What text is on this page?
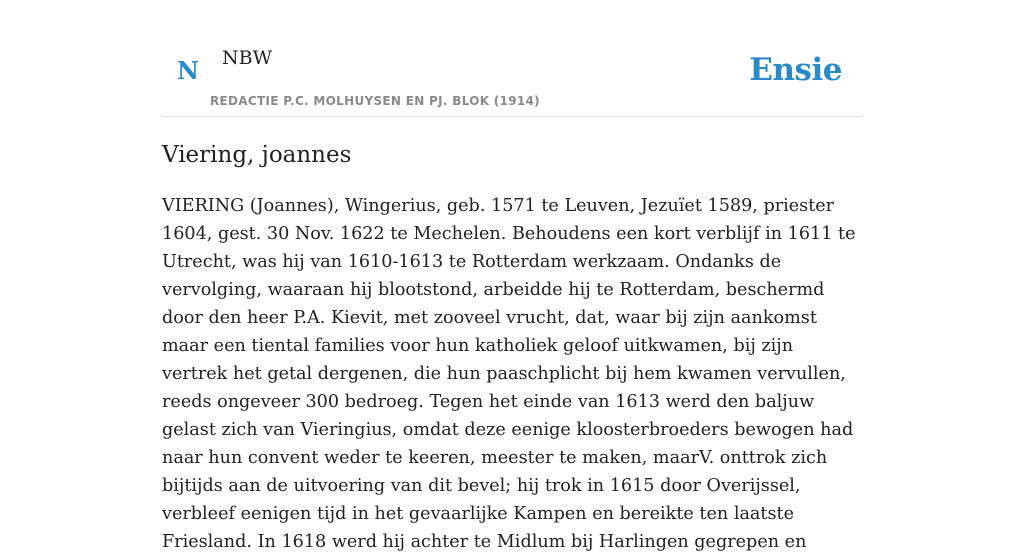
N NBW
REDACTIE P.C. MOLHUYSEN EN PJ. BLOK (1914)
Ensie
Viering, joannes

VIERING (Joannes), Wingerius, geb. 1571 te Leuven, Jezuïet 1589, priester 1604, gest. 30 Nov. 1622 te Mechelen. Behoudens een kort verblijf in 1611 te Utrecht, was hij van 1610-1613 te Rotterdam werkzaam. Ondanks de vervolging, waaraan hij blootstond, arbeidde hij te Rotterdam, beschermd door den heer P.A. Kievit, met zooveel vrucht, dat, waar bij zijn aankomst maar een tiental families voor hun katholiek geloof uitkwamen, bij zijn vertrek het getal dergenen, die hun paaschplicht bij hem kwamen vervullen, reeds ongeveer 300 bedroeg. Tegen het einde van 1613 werd den baljuw gelast zich van Vieringius, omdat deze eenige kloosterbroeders bewogen had naar hun convent weder te keeren, meester te maken, maarV. onttrok zich bijtijds aan de uitvoering van dit bevel; hij trok in 1615 door Overijssel, verbleef eenigen tijd in het gevaarlijke Kampen en bereikte ten laatste Friesland. In 1618 werd hij achter te Midlum bij Harlingen gegrepen en
